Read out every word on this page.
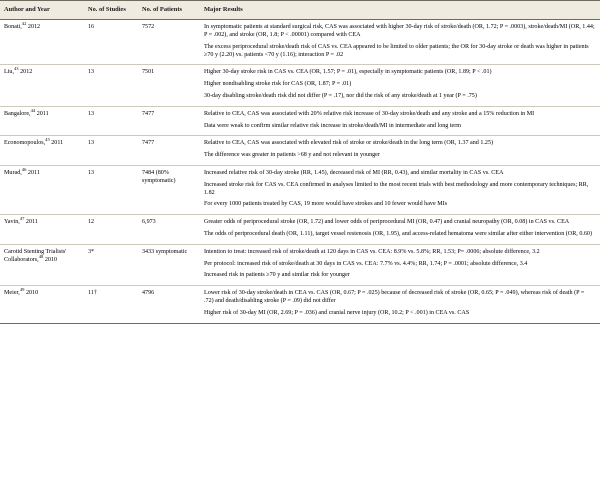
Author and Year	No. of Studies	No. of Patients	Major Results
Bonati,$^{42}$ 2012	16	7572	In symptomatic patients at standard surgical risk, CAS was associated with higher 30-day risk of stroke/death (OR, 1.72; P = .0003), stroke/death/MI (OR, 1.44; P = .002), and stroke (OR, 1.8; P < .00001) compared with CEA
The excess periprocedural stroke/death risk of CAS vs. CEA appeared to be limited to older patients; the OR for 30-day stroke or death was higher in patients ≥70 y (2.20) vs. patients <70 y (1.16); interaction P = .02

Liu,$^{43}$ 2012	13	7501	Higher 30-day stroke risk in CAS vs. CEA (OR, 1.57; P = .01), especially in symptomatic patients (OR, 1.89; P < .01)
Higher nondisabling stroke risk for CAS (OR, 1.87; P = .01)
30-day disabling stroke/death risk did not differ (P = .17), nor did the risk of any stroke/death at 1 year (P = .75)

Bangalore,$^{44}$ 2011	13	7477	Relative to CEA, CAS was associated with 20% relative risk increase of 30-day stroke/death and any stroke and a 15% reduction in MI
Data were weak to confirm similar relative risk increase in stroke/death/MI in intermediate and long term

Economopoulos,$^{45}$ 2011	13	7477	Relative to CEA, CAS was associated with elevated risk of stroke or stroke/death in the long term (OR, 1.37 and 1.25)
The difference was greater in patients >68 y and not relevant in younger

Murad,$^{46}$ 2011	13	7484 (80% symptomatic)	Increased relative risk of 30-day stroke (RR, 1.45), decreased risk of MI (RR, 0.43), and similar mortality in CAS vs. CEA
Increased stroke risk for CAS vs. CEA confirmed in analyses limited to the most recent trials with best methodology and more contemporary techniques; RR, 1.82
For every 1000 patients treated by CAS, 19 more would have strokes and 10 fewer would have MIs

Yavin,$^{47}$ 2011	12	6,973	Greater odds of periprocedural stroke (OR, 1.72) and lower odds of periprocedural MI (OR, 0.47) and cranial neuropathy (OR, 0.08) in CAS vs. CEA
The odds of periprocedural death (OR, 1.11), target vessel restenosis (OR, 1.95), and access-related hematoma were similar after either intervention (OR, 0.60)

Carotid Stenting Trialists' Collaborators,$^{48}$ 2010	3*	3433 symptomatic	Intention to treat: increased risk of stroke/death at 120 days in CAS vs. CEA: 8.9% vs. 5.8%; RR, 1.53; P= .0006; absolute difference, 3.2
Per protocol: increased risk of stroke/death at 30 days in CAS vs. CEA: 7.7% vs. 4.4%; RR, 1.74; P = .0001; absolute difference, 3.4
Increased risk in patients ≥70 y and similar risk for younger

Meier,$^{49}$ 2010	11†	4796	Lower risk of 30-day stroke/death in CEA vs. CAS (OR, 0.67; P = .025) because of decreased risk of stroke (OR, 0.65; P = .049), whereas risk of death (P = .72) and death/disabling stroke (P = .09) did not differ
Higher risk of 30-day MI (OR, 2.69; P = .036) and cranial nerve injury (OR, 10.2; P < .001) in CEA vs. CAS
